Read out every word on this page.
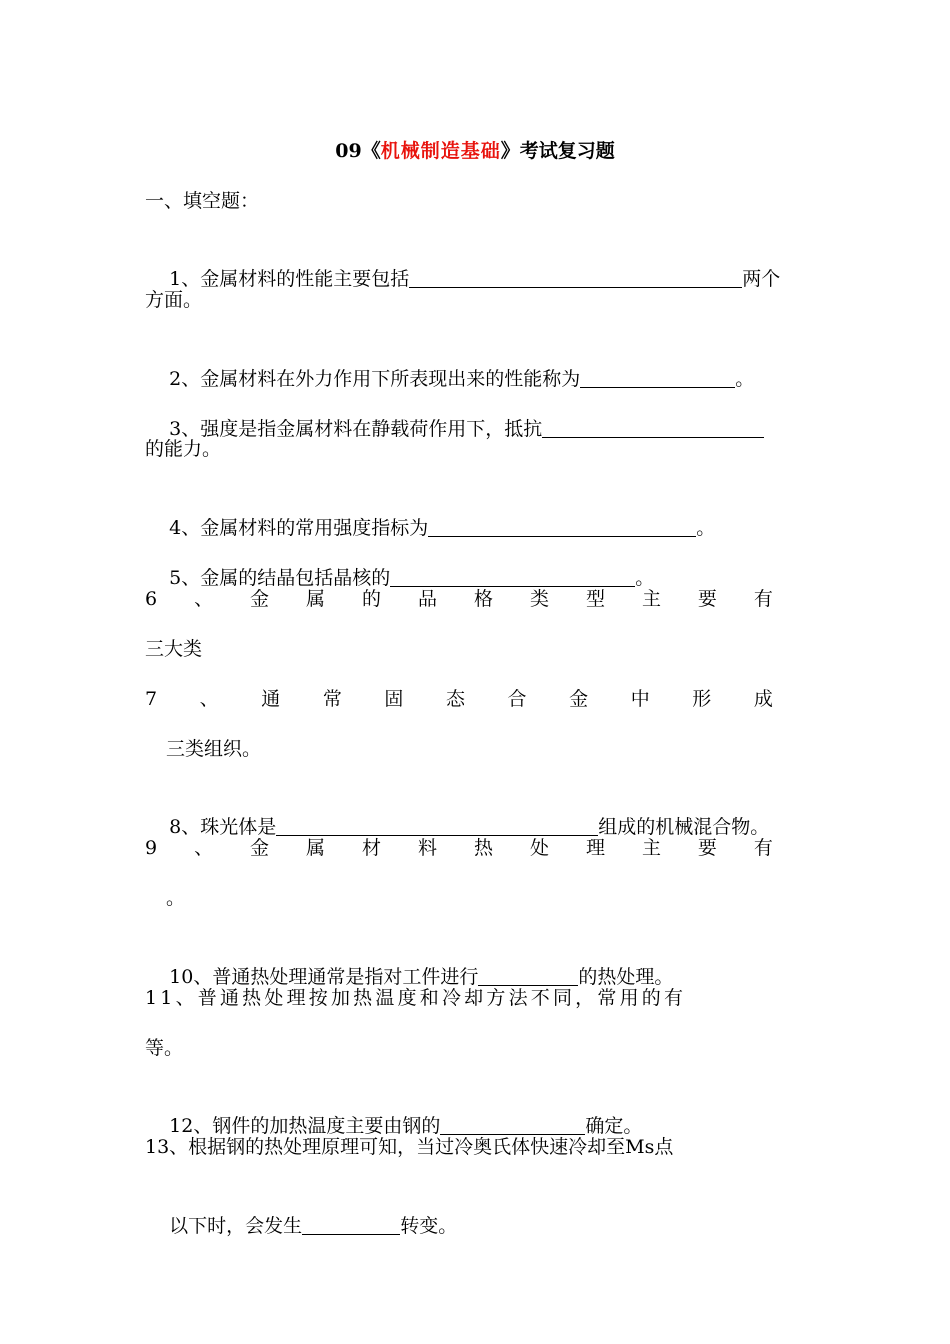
09《机械制造基础》考试复习题
一、填空题：

1、金属材料的性能主要包括	两个

方面。

2、金属材料在外力作用下所表现出来的性能称为	。

3、强度是指金属材料在静载荷作用下，抵抗

的能力。

4、金属材料的常用强度指标为	。

5、金属的结晶包括晶核的	。

6 、 金 属 的 品 格 类 型 主 要 有
三大类
7 、 通 常 固 态 合 金 中 形 成
三类组织。

8、珠光体是	组成的机械混合物。

9 、 金 属 材 料 热 处 理 主 要 有
。

10、普通热处理通常是指对工件进行	的热处理。

11、普通热处理按加热温度和冷却方法不同，常用的有
等。

12、钢件的加热温度主要由钢的	确定。

13、根据钢的热处理原理可知，当过冷奥氏体快速冷却至Ms点

以下时，会发生	转变。
